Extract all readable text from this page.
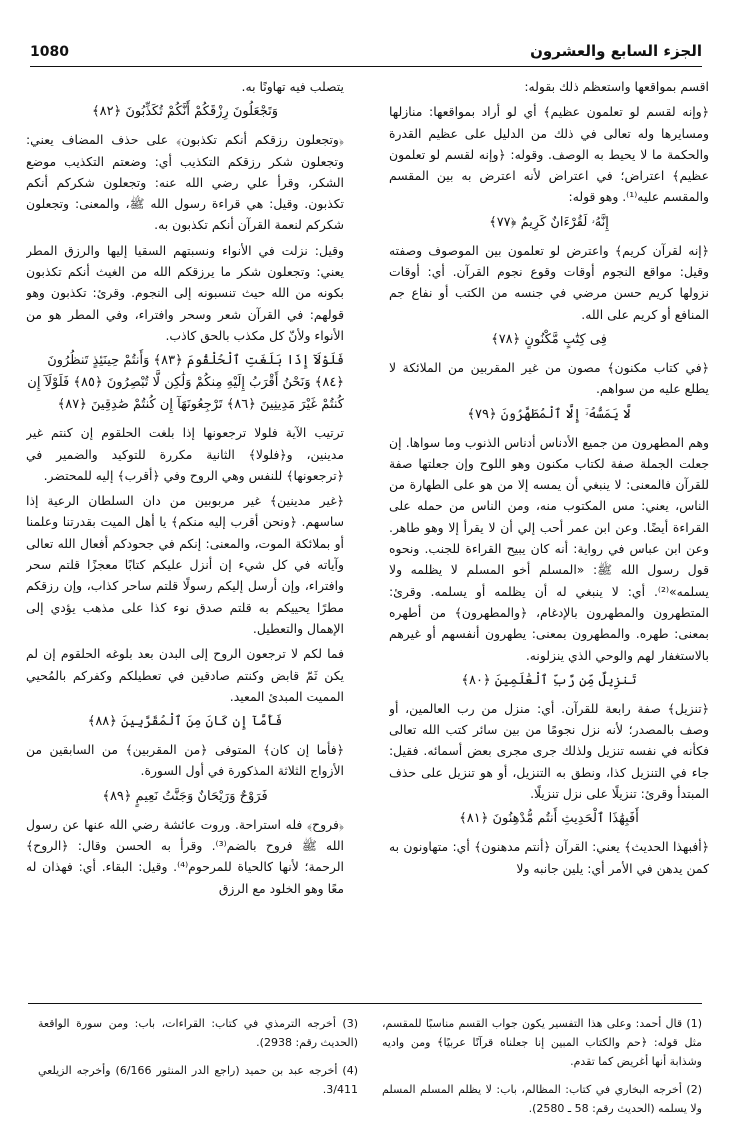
1080	الجزء السابع والعشرون

اقسم بمواقعها واستعظم ذلك بقوله:

﴿وإنه لقسم لو تعلمون عظيم﴾ أي لو أراد بمواقعها: منازلها ومسايرها وله تعالى في ذلك من الدليل على عظيم القدرة والحكمة ما لا يحيط به الوصف. وقوله: ﴿وإنه لقسم لو تعلمون عظيم﴾ اعتراض؛ في اعتراض لأنه اعترض به بين المقسم والمقسم عليه⁽¹⁾. وهو قوله:

إِنَّهُۥ لَقُرْءَانٌ كَرِيمٌ ﴿٧٧﴾

﴿إنه لقرآن كريم﴾ واعترض لو تعلمون بين الموصوف وصفته وقيل: مواقع النجوم أوقات وقوع نجوم القرآن. أي: أوقات نزولها كريم حسن مرضي في جنسه من الكتب أو نفاع جم المنافع أو كريم على الله.

فِى كِتَٰبٍ مَّكْنُونٍ ﴿٧٨﴾

﴿في كتاب مكنون﴾ مصون من غير المقربين من الملائكة لا يطلع عليه من سواهم.

لَّا يَمَسُّهُۥٓ إِلَّا ٱلْمُطَهَّرُونَ ﴿٧٩﴾

وهم المطهرون من جميع الأدناس أدناس الذنوب وما سواها. إن جعلت الجملة صفة لكتاب مكنون وهو اللوح وإن جعلتها صفة للقرآن فالمعنى: لا ينبغي أن يمسه إلا من هو على الطهارة من الناس، يعني: مس المكتوب منه، ومن الناس من حمله على القراءة أيضًا. وعن ابن عمر أحب إلي أن لا يقرأ إلا وهو طاهر. وعن ابن عباس في رواية: أنه كان يبيح القراءة للجنب. ونحوه قول رسول الله ﷺ: «المسلم أخو المسلم لا يظلمه ولا يسلمه»⁽²⁾. أي: لا ينبغي له أن يظلمه أو يسلمه. وقرئ: المتطهرون والمطهرون بالإدغام، ﴿والمطهرون﴾ من أطهره بمعنى: طهره. والمطهرون بمعنى: يطهرون أنفسهم أو غيرهم بالاستغفار لهم والوحي الذي ينزلونه.

تَنزِيلٌ مِّن رَّبِّ ٱلْعَٰلَمِينَ ﴿٨٠﴾

﴿تنزيل﴾ صفة رابعة للقرآن. أي: منزل من رب العالمين، أو وصف بالمصدر؛ لأنه نزل نجومًا من بين سائر كتب الله تعالى فكأنه في نفسه تنزيل ولذلك جرى مجرى بعض أسمائه. فقيل: جاء في التنزيل كذا، ونطق به التنزيل، أو هو تنزيل على حذف المبتدأ وقرئ: تنزيلًا على نزل تنزيلًا.

أَفَبِهَٰذَا ٱلْحَدِيثِ أَنتُم مُّدْهِنُونَ ﴿٨١﴾

﴿أفبهذا الحديث﴾ يعني: القرآن ﴿أنتم مدهنون﴾ أي: متهاونون به كمن يدهن في الأمر أي: يلين جانبه ولا

يتصلب فيه تهاونًا به.

وَتَجْعَلُونَ رِزْقَكُمْ أَنَّكُمْ تُكَذِّبُونَ ﴿٨٢﴾

﴿وتجعلون رزقكم أنكم تكذبون﴾ على حذف المضاف يعني: وتجعلون شكر رزقكم التكذيب أي: وضعتم التكذيب موضع الشكر، وقرأ علي رضي الله عنه: وتجعلون شكركم أنكم تكذبون. وقيل: هي قراءة رسول الله ﷺ، والمعنى: وتجعلون شكركم لنعمة القرآن أنكم تكذبون به.

وقيل: نزلت في الأنواء ونسبتهم السقيا إليها والرزق المطر يعني: وتجعلون شكر ما يرزقكم الله من الغيث أنكم تكذبون بكونه من الله حيث تنسبونه إلى النجوم. وقرئ: تكذبون وهو قولهم: في القرآن شعر وسحر وافتراء، وفي المطر هو من الأنواء ولأنّ كل مكذب بالحق كاذب.

فَلَوْلَآ إِذَا بَلَغَتِ ٱلْحُلْقُومَ ﴿٨٣﴾ وَأَنتُمْ حِينَئِذٍ تَنظُرُونَ ﴿٨٤﴾ وَنَحْنُ أَقْرَبُ إِلَيْهِ مِنكُمْ وَلَٰكِن لَّا تُبْصِرُونَ ﴿٨٥﴾ فَلَوْلَآ إِن كُنتُمْ غَيْرَ مَدِينِينَ ﴿٨٦﴾ تَرْجِعُونَهَآ إِن كُنتُمْ صَٰدِقِينَ ﴿٨٧﴾

ترتيب الآية فلولا ترجعونها إذا بلغت الحلقوم إن كنتم غير مدينين، و﴿فلولا﴾ الثانية مكررة للتوكيد والضمير في ﴿ترجعونها﴾ للنفس وهي الروح وفي ﴿أقرب﴾ إليه للمحتضر.

﴿غير مدينين﴾ غير مربوبين من دان السلطان الرعية إذا ساسهم. ﴿ونحن أقرب إليه منكم﴾ يا أهل الميت بقدرتنا وعلمنا أو بملائكة الموت، والمعنى: إنكم في جحودكم أفعال الله تعالى وآياته في كل شيء إن أنزل عليكم كتابًا معجزًا قلتم سحر وافتراء، وإن أرسل إليكم رسولًا قلتم ساحر كذاب، وإن رزقكم مطرًا يحييكم به قلتم صدق نوء كذا على مذهب يؤدي إلى الإهمال والتعطيل.

فما لكم لا ترجعون الروح إلى البدن بعد بلوغه الحلقوم إن لم يكن ثَمّ قابض وكنتم صادقين في تعطيلكم وكفركم بالمُحيي المميت المبدئ المعيد.

فَأَمَّآ إِن كَانَ مِنَ ٱلْمُقَرَّبِينَ ﴿٨٨﴾

﴿فأما إن كان﴾ المتوفى ﴿من المقربين﴾ من السابقين من الأزواج الثلاثة المذكورة في أول السورة.

فَرَوْحٌ وَرَيْحَانٌ وَجَنَّتُ نَعِيمٍ ﴿٨٩﴾

﴿فروح﴾ فله استراحة. وروت عائشة رضي الله عنها عن رسول الله ﷺ فروح بالضم⁽³⁾. وقرأ به الحسن وقال: ﴿الروح﴾ الرحمة؛ لأنها كالحياة للمرحوم⁽⁴⁾. وقيل: البقاء. أي: فهذان له معًا وهو الخلود مع الرزق

(1) قال أحمد: وعلى هذا التفسير يكون جواب القسم مناسبًا للمقسم، مثل قوله: ﴿حم والكتاب المبين إنا جعلناه قرآنًا عربيًا﴾ ومن واديه وشذابة أنها أغريض كما تقدم.

(2) أخرجه البخاري في كتاب: المظالم، باب: لا يظلم المسلم المسلم ولا يسلمه (الحديث رقم: 58 ـ 2580).

(3) أخرجه الترمذي في كتاب: القراءات، باب: ومن سورة الواقعة (الحديث رقم: 2938).

(4) أخرجه عبد بن حميد (راجع الدر المنثور 6/166) وأخرجه الزيلعي 3/411.
